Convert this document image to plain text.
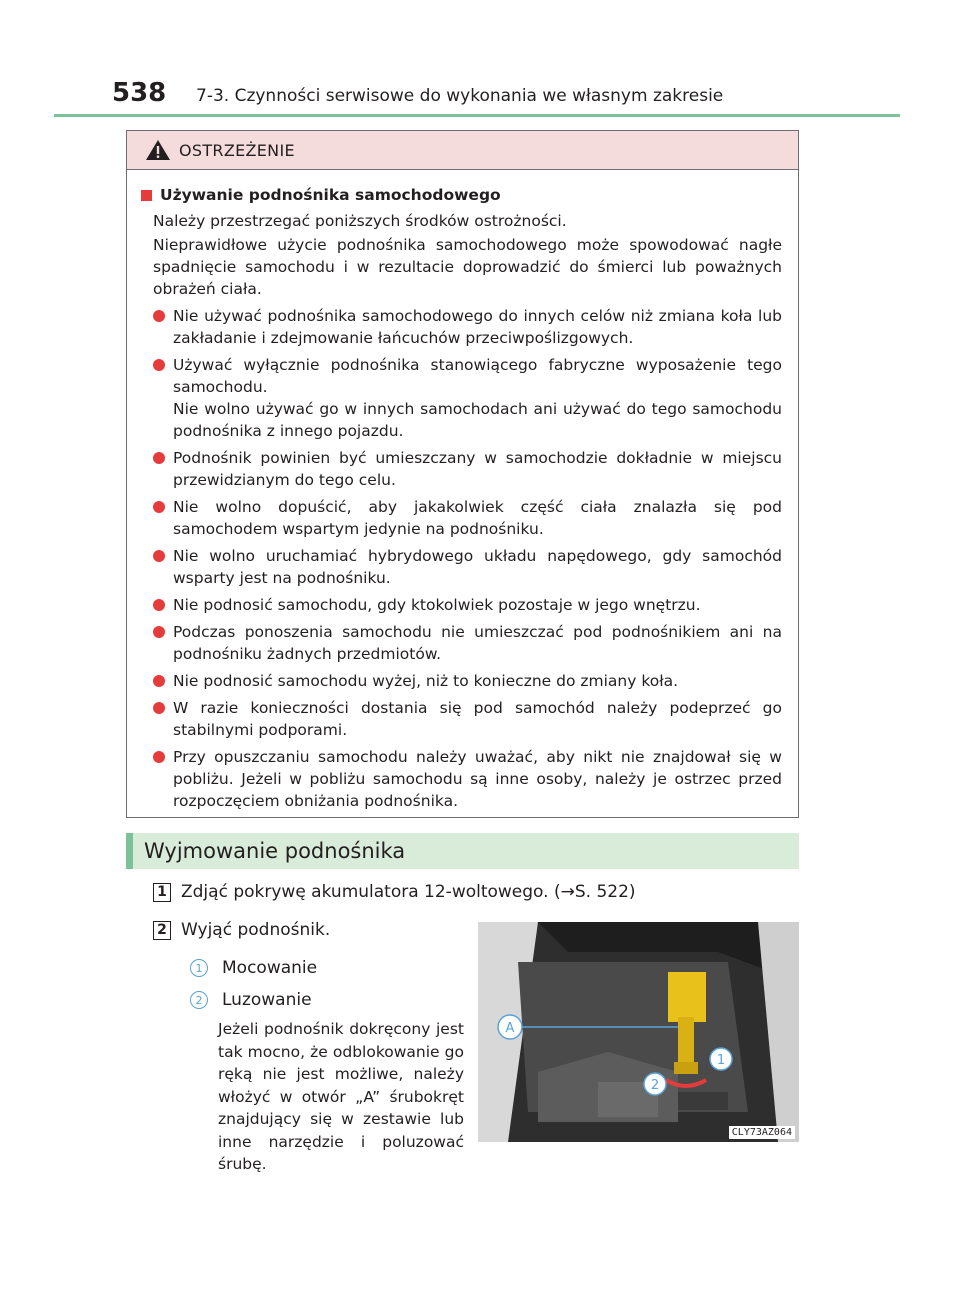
538	7-3. Czynności serwisowe do wykonania we własnym zakresie
OSTRZEŻENIE
Używanie podnośnika samochodowego
Należy przestrzegać poniższych środków ostrożności.
Nieprawidłowe użycie podnośnika samochodowego może spowodować nagłe spadnięcie samochodu i w rezultacie doprowadzić do śmierci lub poważnych obrażeń ciała.
Nie używać podnośnika samochodowego do innych celów niż zmiana koła lub zakładanie i zdejmowanie łańcuchów przeciwpoślizgowych.
Używać wyłącznie podnośnika stanowiącego fabryczne wyposażenie tego samochodu.
Nie wolno używać go w innych samochodach ani używać do tego samochodu podnośnika z innego pojazdu.
Podnośnik powinien być umieszczany w samochodzie dokładnie w miejscu przewidzianym do tego celu.
Nie wolno dopuścić, aby jakakolwiek część ciała znalazła się pod samochodem wspartym jedynie na podnośniku.
Nie wolno uruchamiać hybrydowego układu napędowego, gdy samochód wsparty jest na podnośniku.
Nie podnosić samochodu, gdy ktokolwiek pozostaje w jego wnętrzu.
Podczas ponoszenia samochodu nie umieszczać pod podnośnikiem ani na podnośniku żadnych przedmiotów.
Nie podnosić samochodu wyżej, niż to konieczne do zmiany koła.
W razie konieczności dostania się pod samochód należy podeprzeć go stabilnymi podporami.
Przy opuszczaniu samochodu należy uważać, aby nikt nie znajdował się w pobliżu. Jeżeli w pobliżu samochodu są inne osoby, należy je ostrzec przed rozpoczęciem obniżania podnośnika.
Wyjmowanie podnośnika
1 Zdjąć pokrywę akumulatora 12-woltowego. (→S. 522)
2 Wyjąć podnośnik.
1	Mocowanie
2	Luzowanie
Jeżeli podnośnik dokręcony jest tak mocno, że odblokowanie go ręką nie jest możliwe, należy włożyć w otwór „A” śrubokręt znajdujący się w zestawie lub inne narzędzie i poluzować śrubę.
A
1
2
CLY73AZ064
